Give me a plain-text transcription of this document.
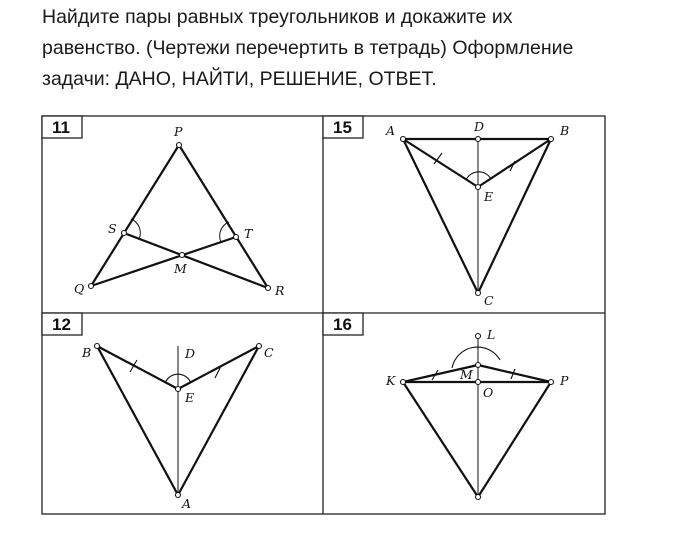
Найдите пары равных треугольников и докажите их
равенство. (Чертежи перечертить в тетрадь) Оформление
задачи: ДАНО, НАЙТИ, РЕШЕНИЕ, ОТВЕТ.
11	15
12	16
P
S	T
M
Q	R
A	D	B
E
C
B	D	C
E
A
L
M
K	P
O
